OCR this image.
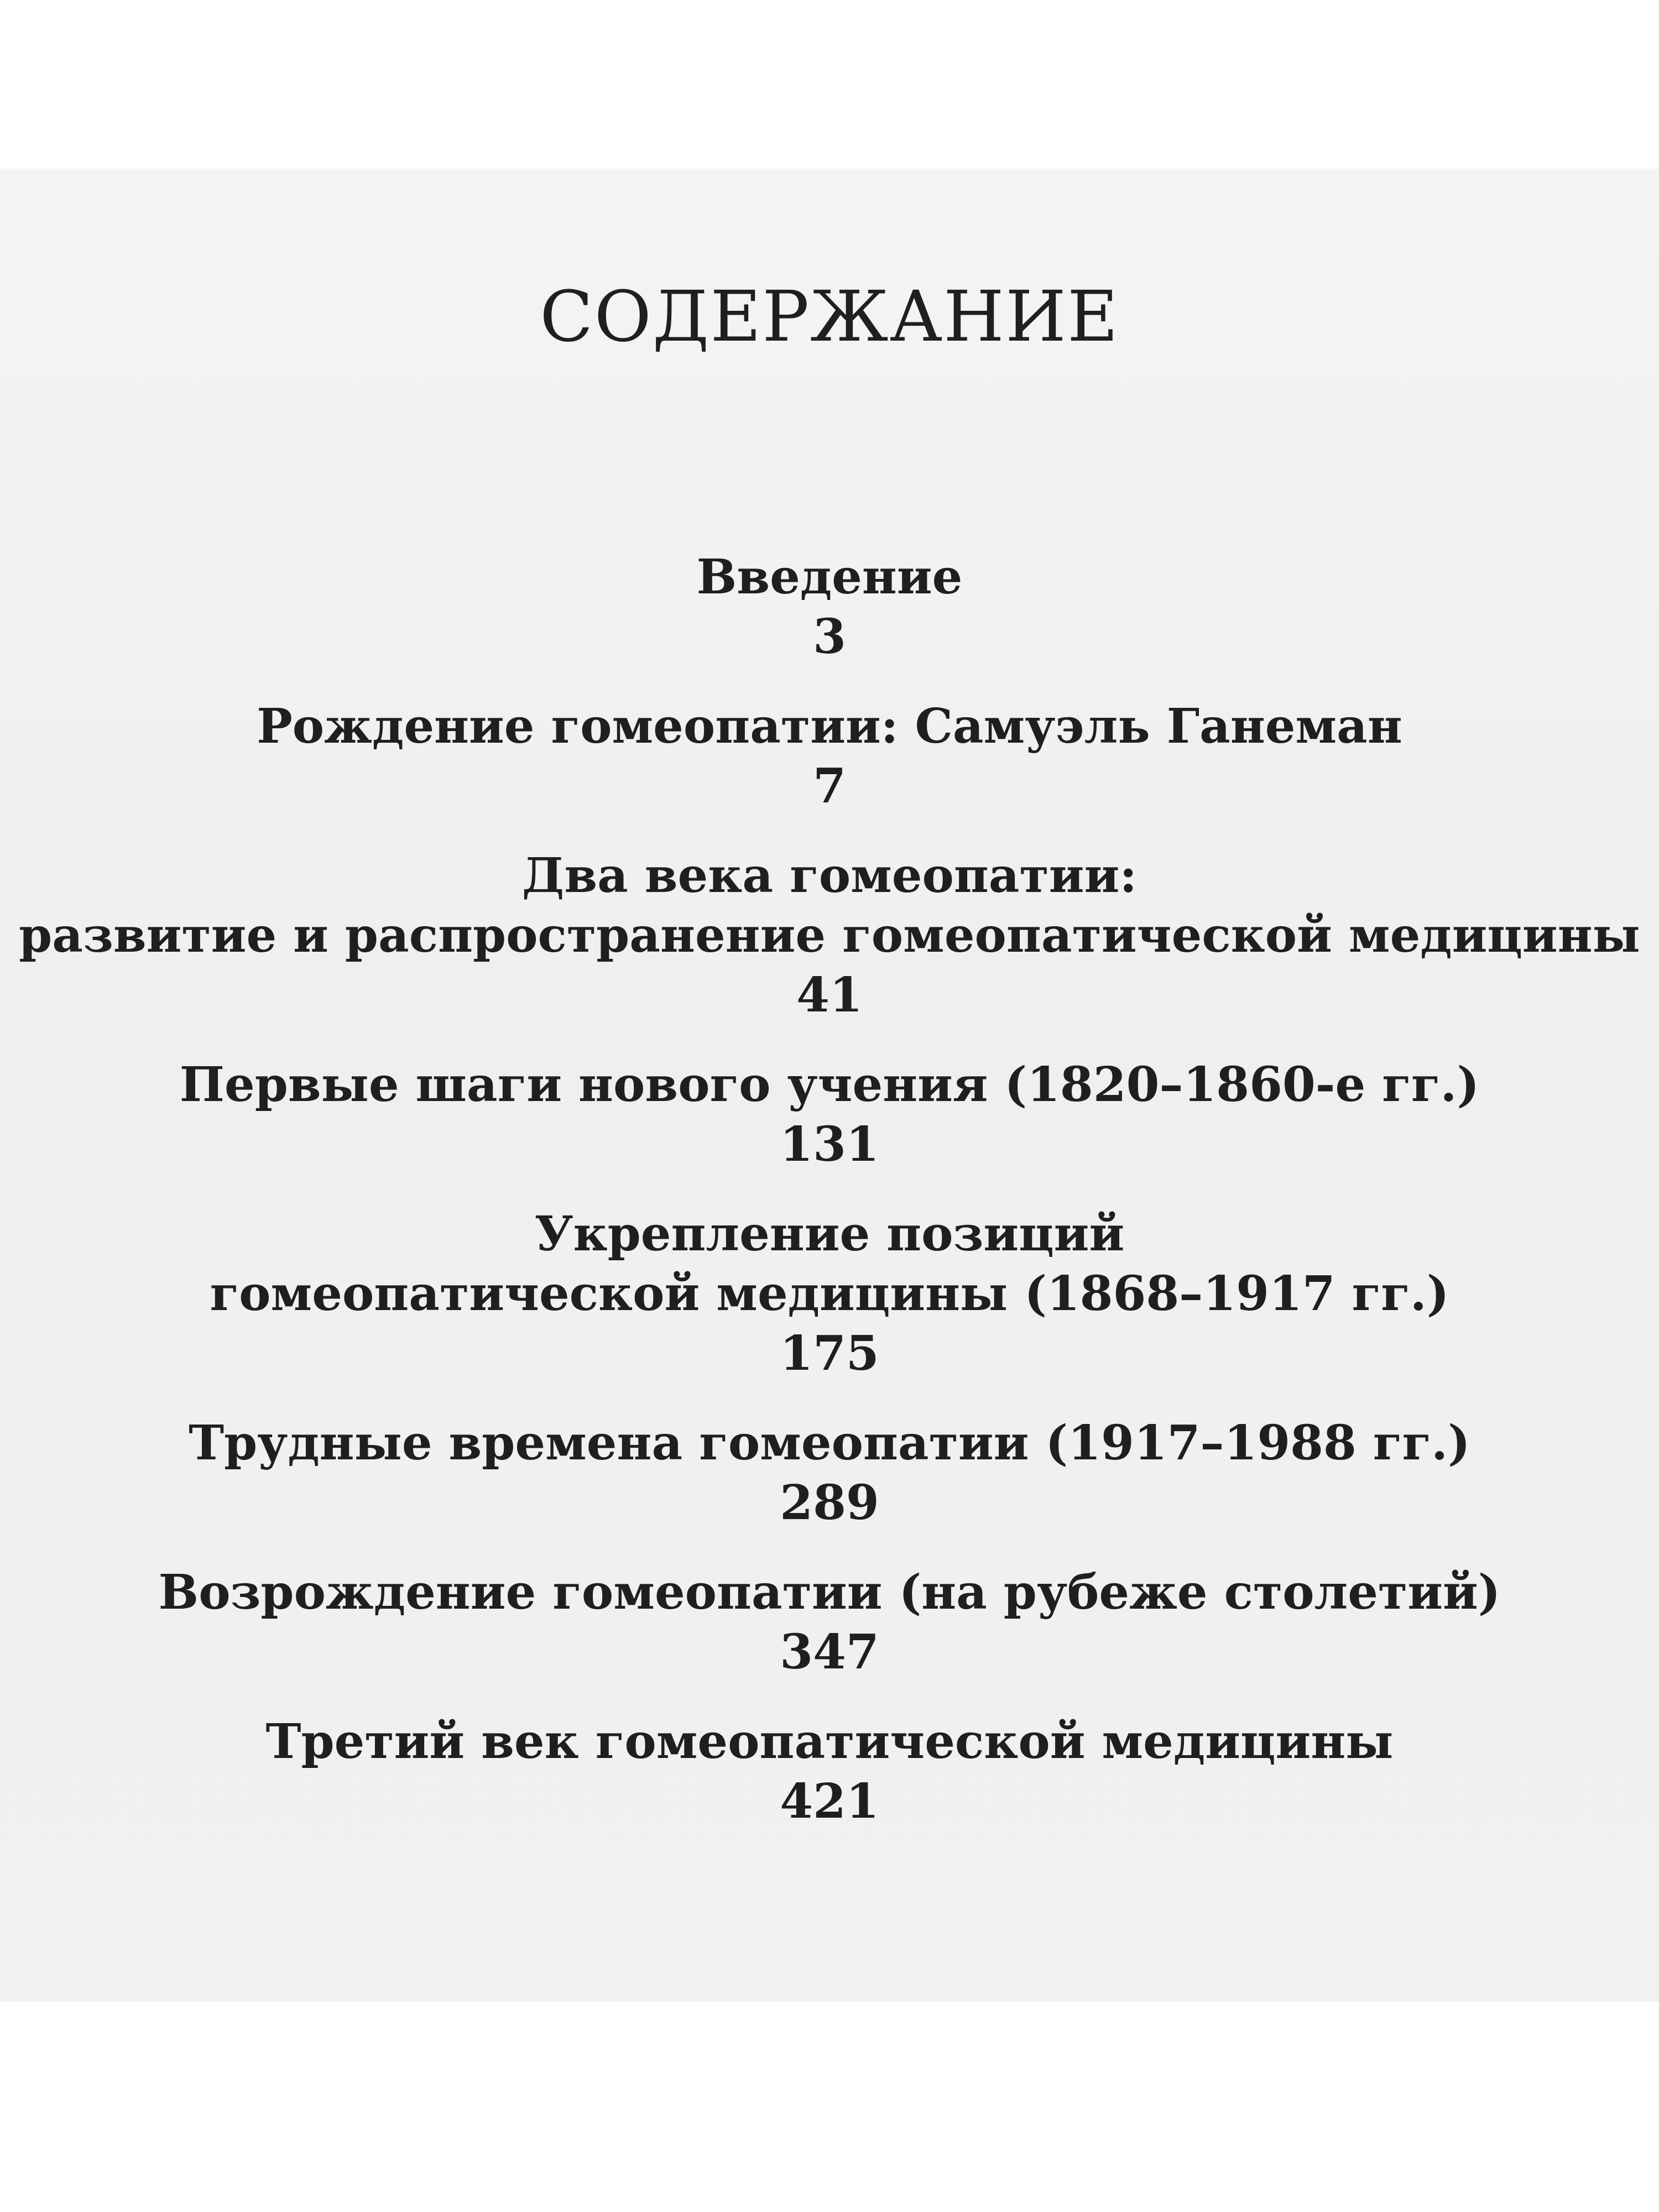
СОДЕРЖАНИЕ
Введение
3
Рождение гомеопатии: Самуэль Ганеман
7
Два века гомеопатии:
развитие и распространение гомеопатической медицины
41
Первые шаги нового учения (1820–1860-е гг.)
131
Укрепление позиций
гомеопатической медицины (1868–1917 гг.)
175
Трудные времена гомеопатии (1917–1988 гг.)
289
Возрождение гомеопатии (на рубеже столетий)
347
Третий век гомеопатической медицины
421
